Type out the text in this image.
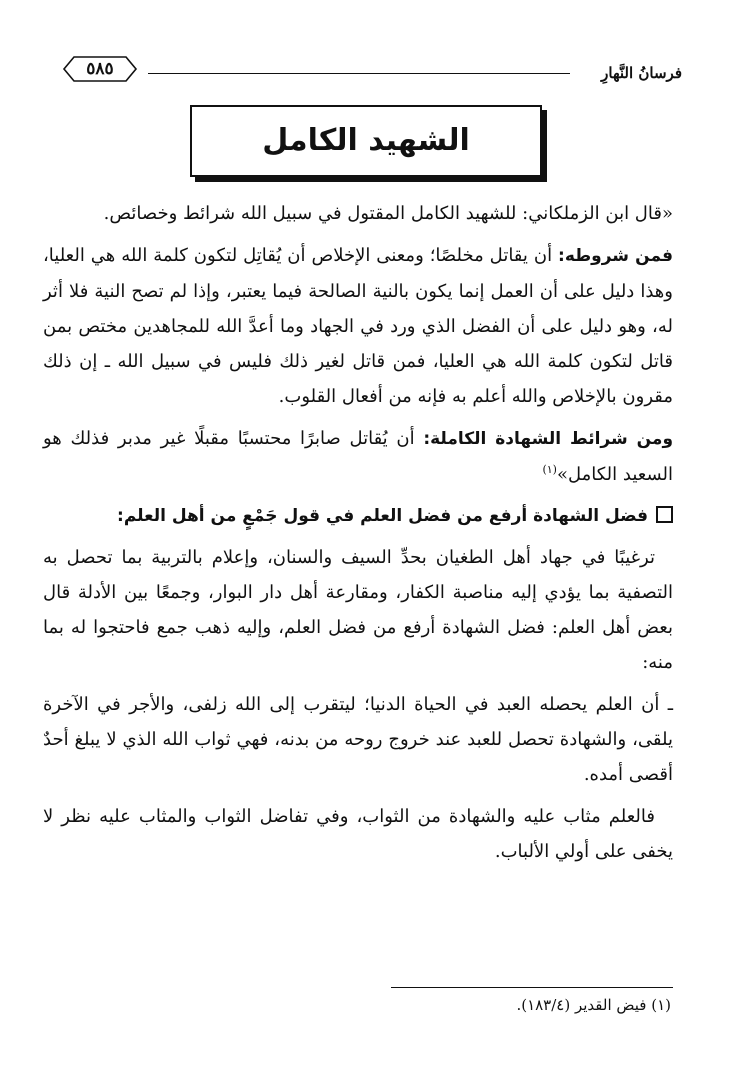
فرسانُ النَّهارِ
٥٨٥
الشهيد الكامل

«قال ابن الزملكاني: للشهيد الكامل المقتول في سبيل الله شرائط وخصائص.

فمن شروطه: أن يقاتل مخلصًا؛ ومعنى الإخلاص أن يُقاتِل لتكون كلمة الله هي العليا، وهذا دليل على أن العمل إنما يكون بالنية الصالحة فيما يعتبر، وإذا لم تصح النية فلا أثر له، وهو دليل على أن الفضل الذي ورد في الجهاد وما أعدَّ الله للمجاهدين مختص بمن قاتل لتكون كلمة الله هي العليا، فمن قاتل لغير ذلك فليس في سبيل الله ـ إن ذلك مقرون بالإخلاص والله أعلم به فإنه من أفعال القلوب.

ومن شرائط الشهادة الكاملة: أن يُقاتل صابرًا محتسبًا مقبلًا غير مدبر فذلك هو السعيد الكامل»$^{(١)}$

فضل الشهادة أرفع من فضل العلم في قول جَمْعٍ من أهل العلم:

ترغيبًا في جهاد أهل الطغيان بحدِّ السيف والسنان، وإعلام بالتربية بما تحصل به التصفية بما يؤدي إليه مناصبة الكفار، ومقارعة أهل دار البوار، وجمعًا بين الأدلة قال بعض أهل العلم: فضل الشهادة أرفع من فضل العلم، وإليه ذهب جمع فاحتجوا له بما منه:

ـ أن العلم يحصله العبد في الحياة الدنيا؛ ليتقرب إلى الله زلفى، والأجر في الآخرة يلقى، والشهادة تحصل للعبد عند خروج روحه من بدنه، فهي ثواب الله الذي لا يبلغ أحدٌ أقصى أمده.

فالعلم مثاب عليه والشهادة من الثواب، وفي تفاضل الثواب والمثاب عليه نظر لا يخفى على أولي الألباب.

(١) فيض القدير (١٨٣/٤).
